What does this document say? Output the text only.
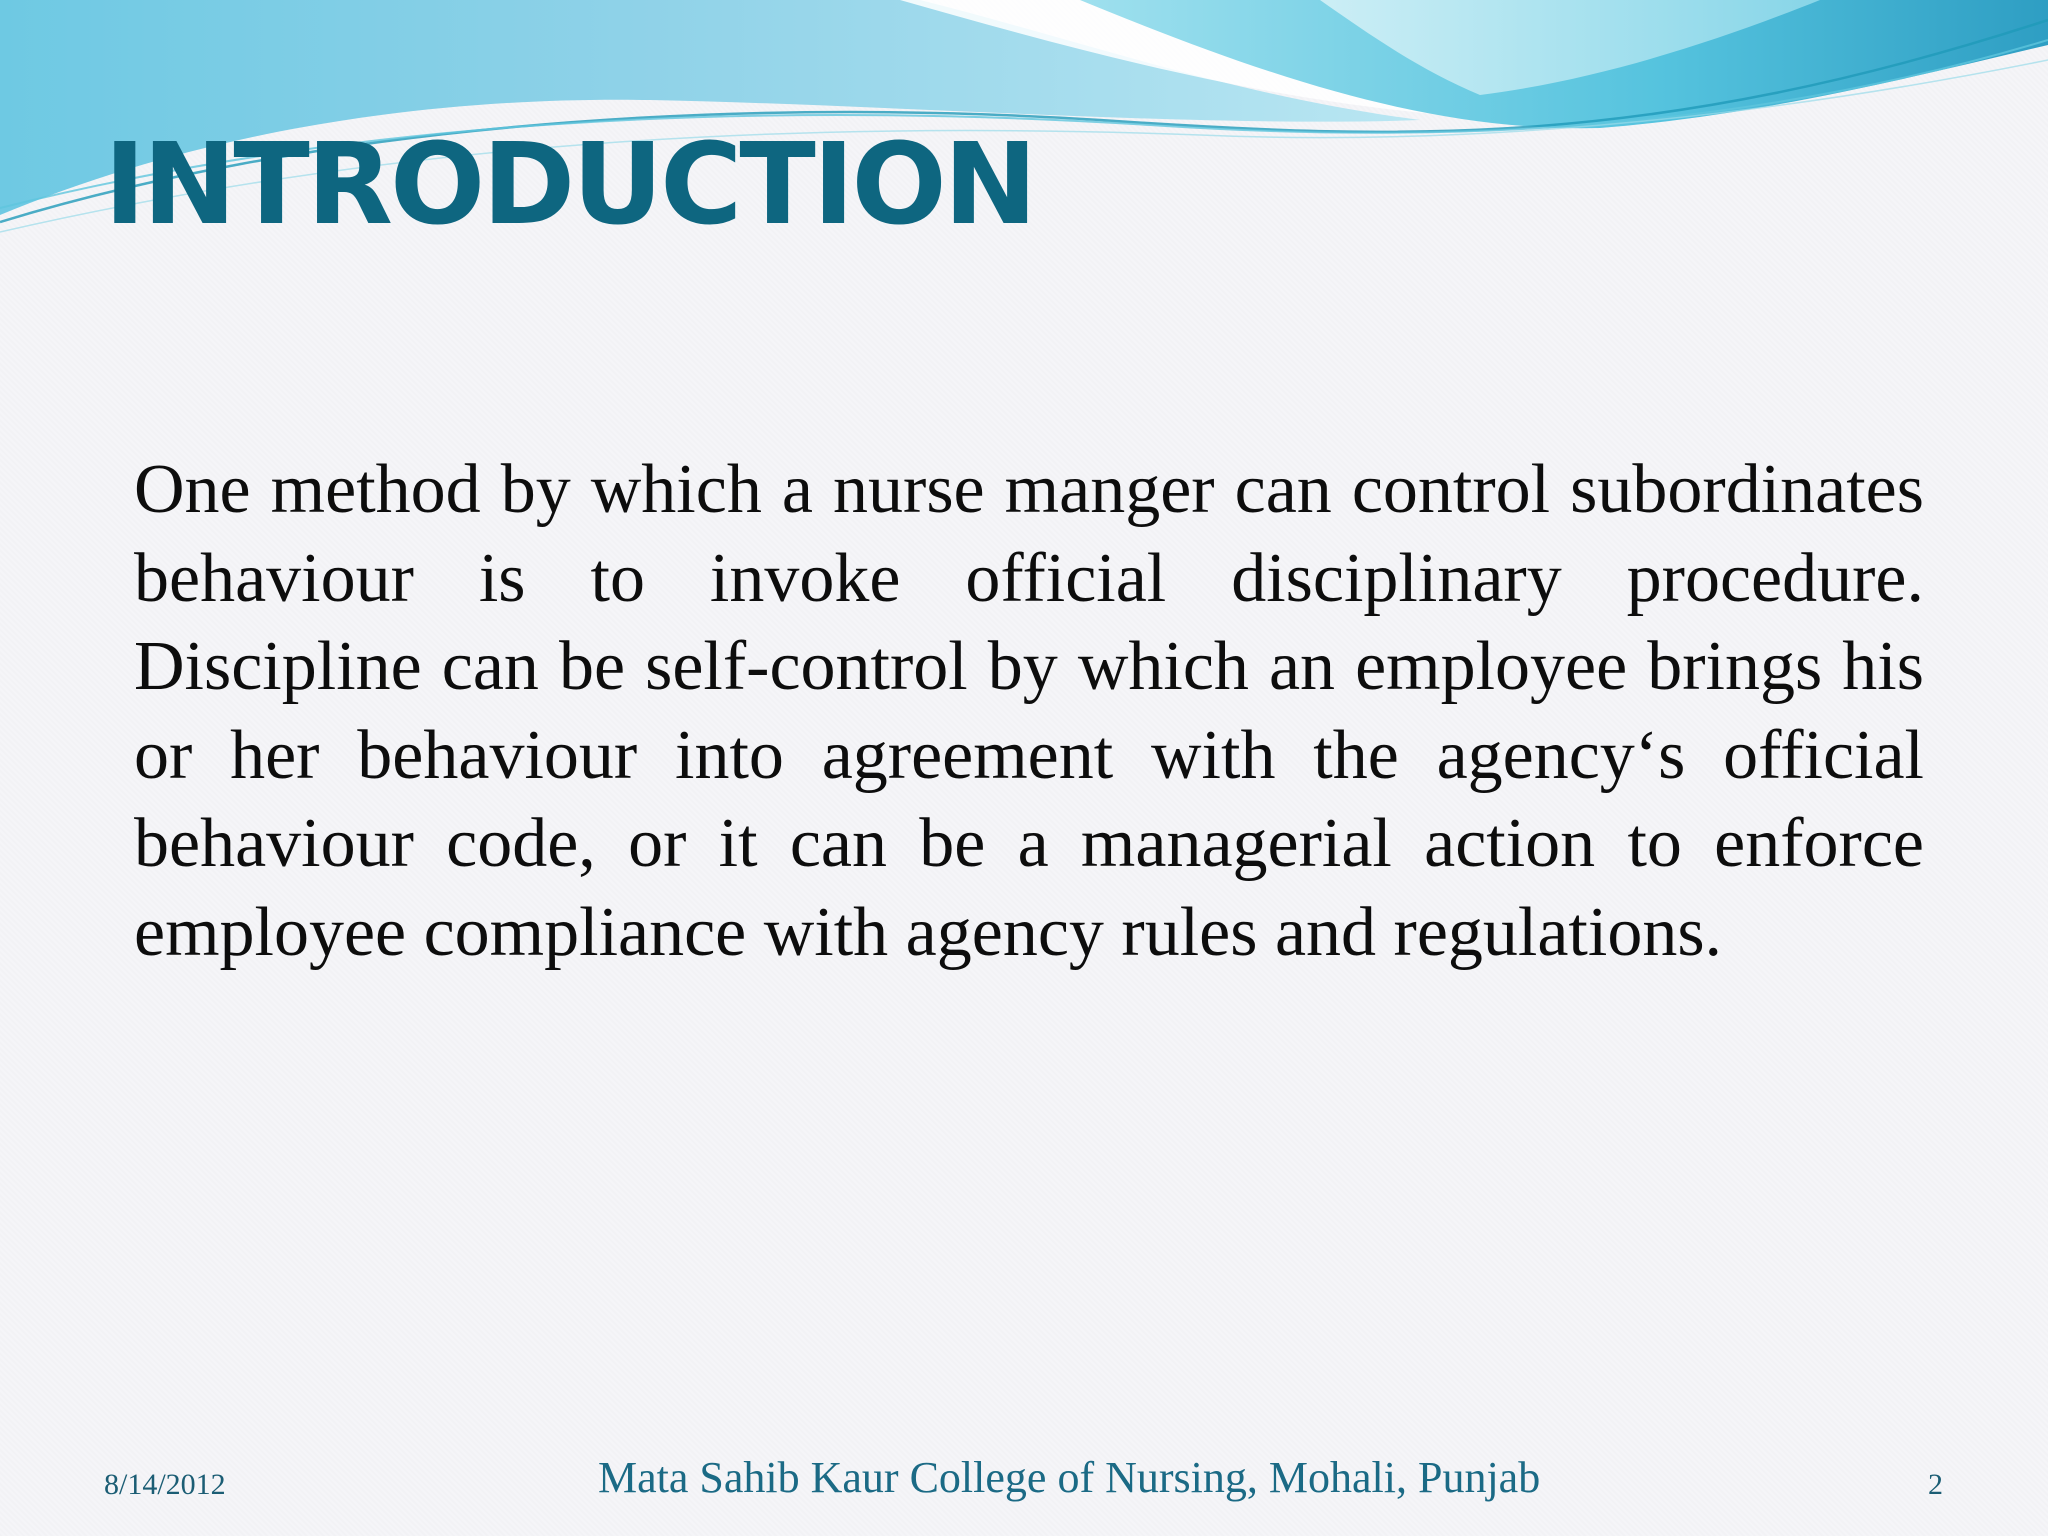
INTRODUCTION

One method by which a nurse manger can control subordinates behaviour is to invoke official disciplinary procedure. Discipline can be self-control by which an employee brings his or her behaviour into agreement with the agency‘s official behaviour code, or it can be a managerial action to enforce employee compliance with agency rules and regulations.

8/14/2012	Mata Sahib Kaur College of Nursing, Mohali, Punjab	2
